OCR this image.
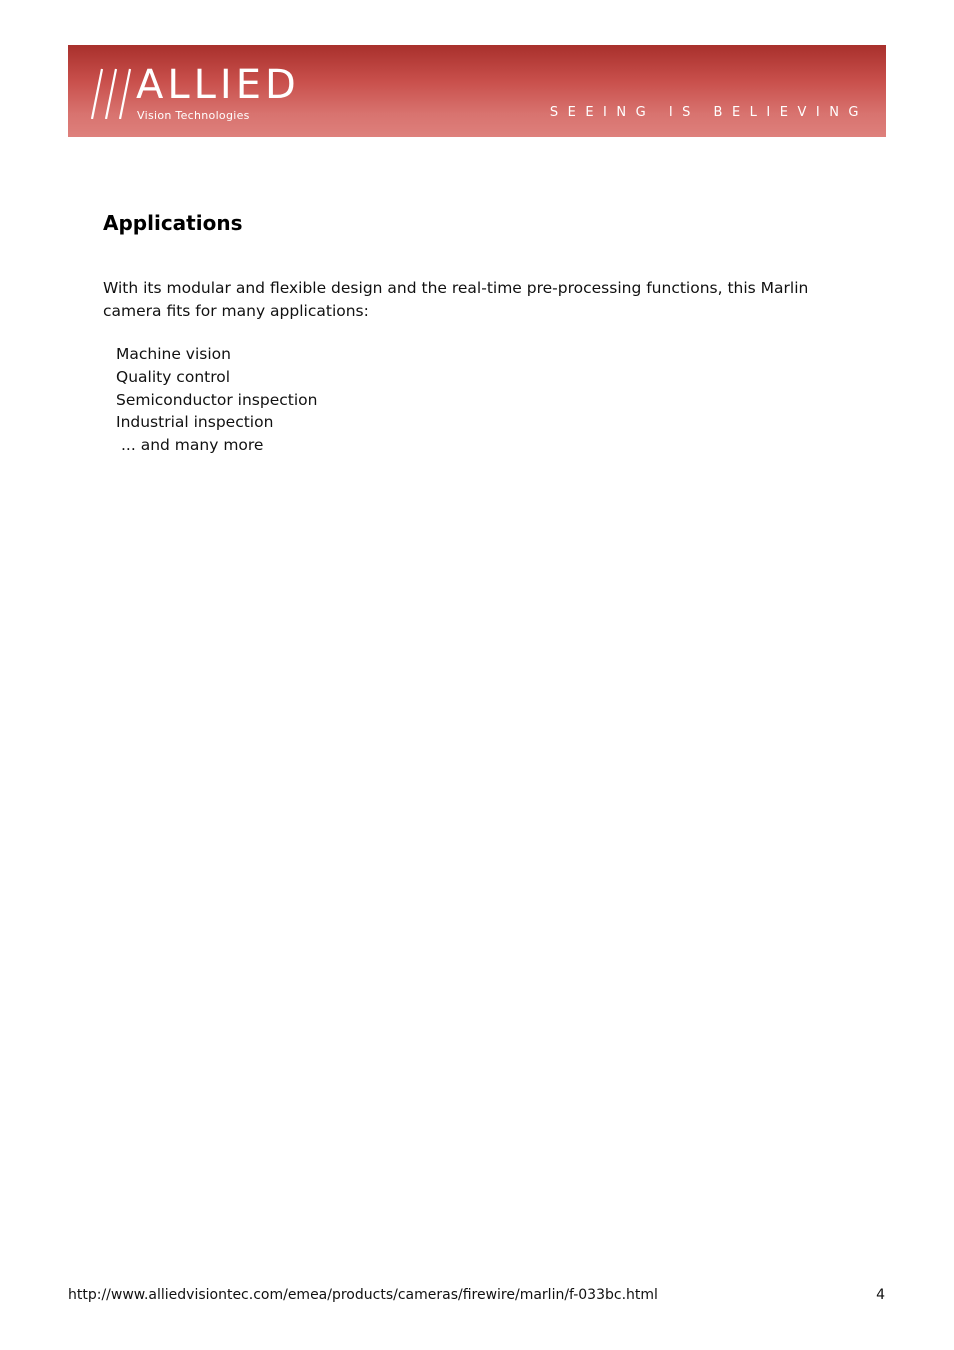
ALLIED
Vision Technologies	SEEING IS BELIEVING
Applications

With its modular and flexible design and the real-time pre-processing functions, this Marlin camera fits for many applications:

Machine vision
Quality control
Semiconductor inspection
Industrial inspection

... and many more

http://www.alliedvisiontec.com/emea/products/cameras/firewire/marlin/f-033bc.html	4
